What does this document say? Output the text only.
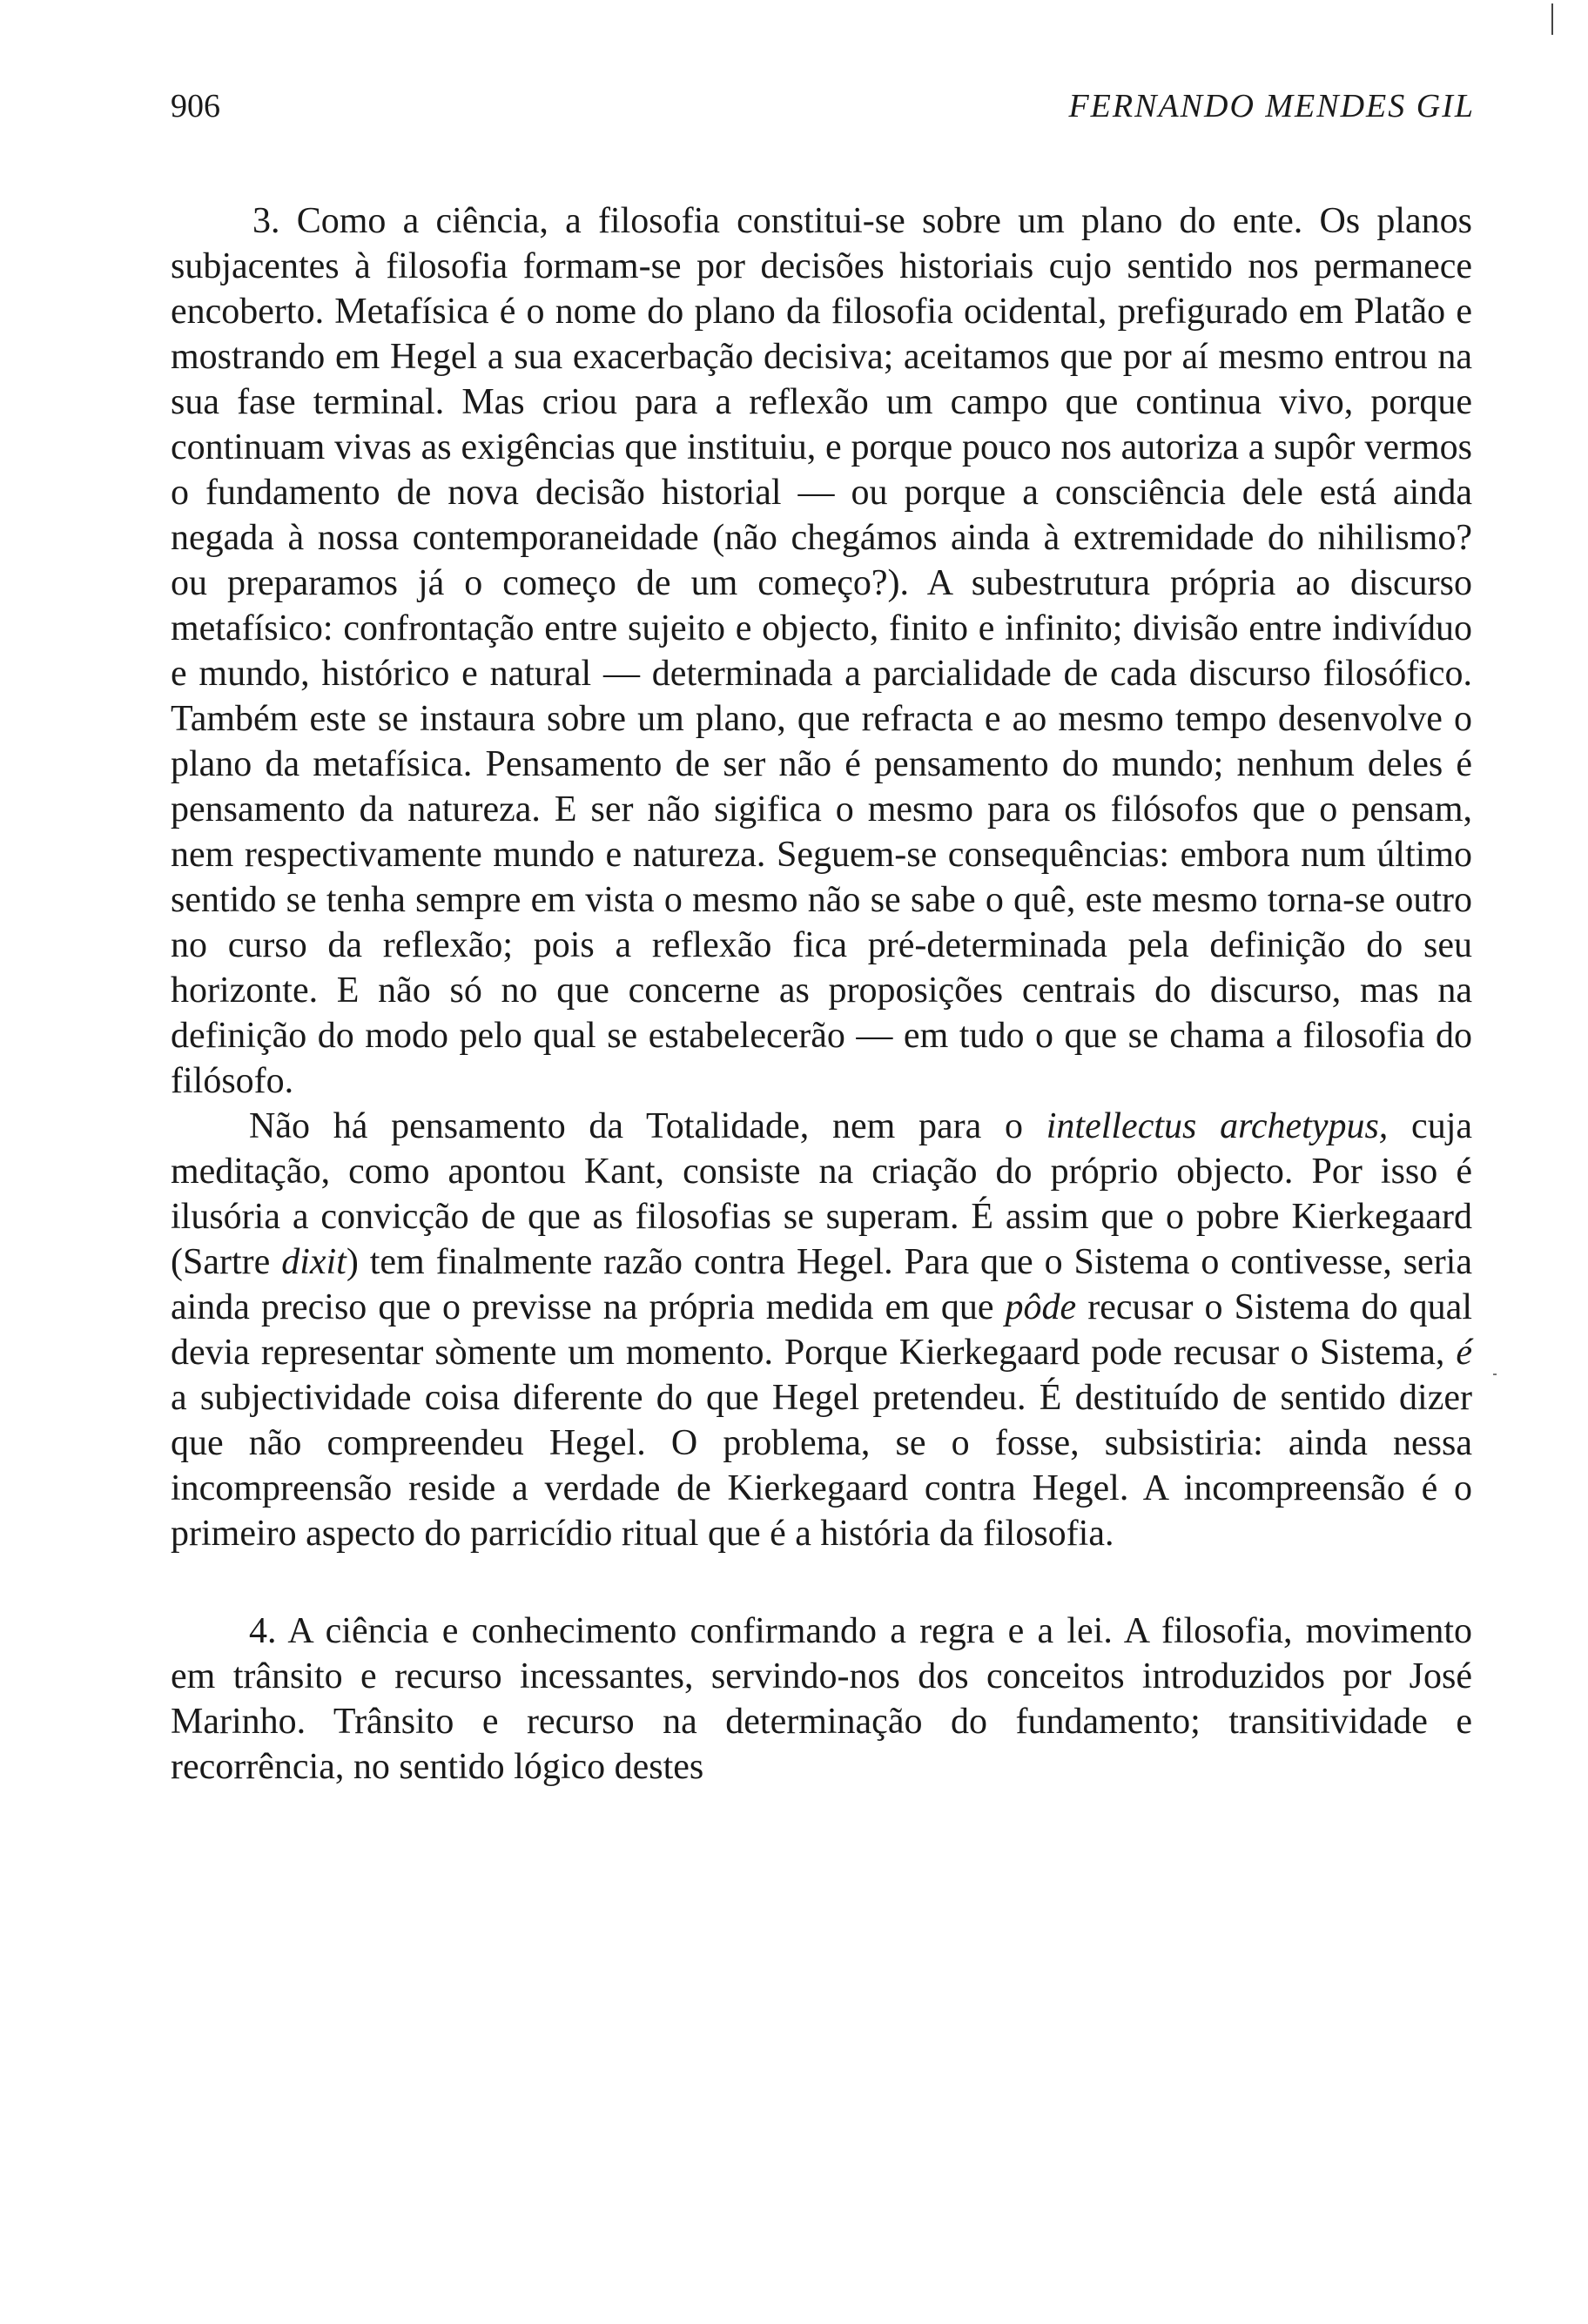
906	FERNANDO MENDES GIL

3. Como a ciência, a filosofia constitui-se sobre um plano do ente. Os planos subjacentes à filosofia formam-se por decisões historiais cujo sentido nos permanece encoberto. Metafísica é o nome do plano da filosofia ocidental, prefigurado em Platão e mostrando em Hegel a sua exacerbação decisiva; aceitamos que por aí mesmo entrou na sua fase terminal. Mas criou para a reflexão um campo que continua vivo, porque continuam vivas as exigências que instituiu, e porque pouco nos autoriza a supôr vermos o fundamento de nova decisão historial — ou porque a consciência dele está ainda negada à nossa contemporaneidade (não chegámos ainda à extremidade do nihilismo? ou preparamos já o começo de um começo?). A subestrutura própria ao discurso metafísico: confrontação entre sujeito e objecto, finito e infinito; divisão entre indivíduo e mundo, histórico e natural — determinada a parcialidade de cada discurso filosófico. Também este se instaura sobre um plano, que refracta e ao mesmo tempo desenvolve o plano da metafísica. Pensamento de ser não é pensamento do mundo; nenhum deles é pensamento da natureza. E ser não sigifica o mesmo para os filósofos que o pensam, nem respectivamente mundo e natureza. Seguem-se consequências: embora num último sentido se tenha sempre em vista o mesmo não se sabe o quê, este mesmo torna-se outro no curso da reflexão; pois a reflexão fica pré-determinada pela definição do seu horizonte. E não só no que concerne as proposições centrais do discurso, mas na definição do modo pelo qual se estabelecerão — em tudo o que se chama a filosofia do filósofo.

Não há pensamento da Totalidade, nem para o intellectus archetypus, cuja meditação, como apontou Kant, consiste na criação do próprio objecto. Por isso é ilusória a convicção de que as filosofias se superam. É assim que o pobre Kierkegaard (Sartre dixit) tem finalmente razão contra Hegel. Para que o Sistema o contivesse, seria ainda preciso que o previsse na própria medida em que pôde recusar o Sistema do qual devia representar sòmente um momento. Porque Kierkegaard pode recusar o Sistema, é a subjectividade coisa diferente do que Hegel pretendeu. É destituído de sentido dizer que não compreendeu Hegel. O problema, se o fosse, subsistiria: ainda nessa incompreensão reside a verdade de Kierkegaard contra Hegel. A incompreensão é o primeiro aspecto do parricídio ritual que é a história da filosofia.

4. A ciência e conhecimento confirmando a regra e a lei. A filosofia, movimento em trânsito e recurso incessantes, servindo-nos dos conceitos introduzidos por José Marinho. Trânsito e recurso na determinação do fundamento; transitividade e recorrência, no sentido lógico destes
